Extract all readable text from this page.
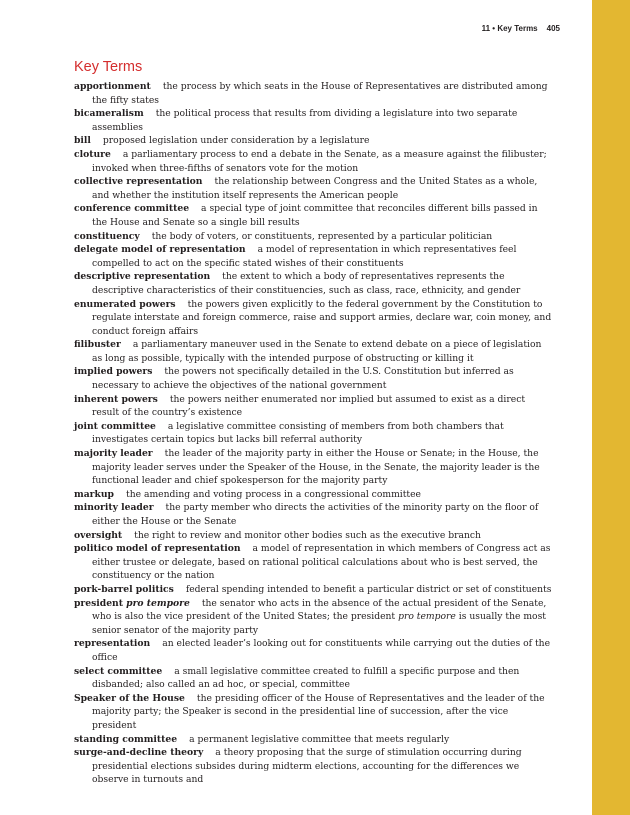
11 • Key Terms 405
Key Terms
apportionment the process by which seats in the House of Representatives are distributed among the fifty states
bicameralism the political process that results from dividing a legislature into two separate assemblies
bill proposed legislation under consideration by a legislature
cloture a parliamentary process to end a debate in the Senate, as a measure against the filibuster; invoked when three-fifths of senators vote for the motion
collective representation the relationship between Congress and the United States as a whole, and whether the institution itself represents the American people
conference committee a special type of joint committee that reconciles different bills passed in the House and Senate so a single bill results
constituency the body of voters, or constituents, represented by a particular politician
delegate model of representation a model of representation in which representatives feel compelled to act on the specific stated wishes of their constituents
descriptive representation the extent to which a body of representatives represents the descriptive characteristics of their constituencies, such as class, race, ethnicity, and gender
enumerated powers the powers given explicitly to the federal government by the Constitution to regulate interstate and foreign commerce, raise and support armies, declare war, coin money, and conduct foreign affairs
filibuster a parliamentary maneuver used in the Senate to extend debate on a piece of legislation as long as possible, typically with the intended purpose of obstructing or killing it
implied powers the powers not specifically detailed in the U.S. Constitution but inferred as necessary to achieve the objectives of the national government
inherent powers the powers neither enumerated nor implied but assumed to exist as a direct result of the country’s existence
joint committee a legislative committee consisting of members from both chambers that investigates certain topics but lacks bill referral authority
majority leader the leader of the majority party in either the House or Senate; in the House, the majority leader serves under the Speaker of the House, in the Senate, the majority leader is the functional leader and chief spokesperson for the majority party
markup the amending and voting process in a congressional committee
minority leader the party member who directs the activities of the minority party on the floor of either the House or the Senate
oversight the right to review and monitor other bodies such as the executive branch
politico model of representation a model of representation in which members of Congress act as either trustee or delegate, based on rational political calculations about who is best served, the constituency or the nation
pork-barrel politics federal spending intended to benefit a particular district or set of constituents
president pro tempore the senator who acts in the absence of the actual president of the Senate, who is also the vice president of the United States; the president pro tempore is usually the most senior senator of the majority party
representation an elected leader’s looking out for constituents while carrying out the duties of the office
select committee a small legislative committee created to fulfill a specific purpose and then disbanded; also called an ad hoc, or special, committee
Speaker of the House the presiding officer of the House of Representatives and the leader of the majority party; the Speaker is second in the presidential line of succession, after the vice president
standing committee a permanent legislative committee that meets regularly
surge-and-decline theory a theory proposing that the surge of stimulation occurring during presidential elections subsides during midterm elections, accounting for the differences we observe in turnouts and
